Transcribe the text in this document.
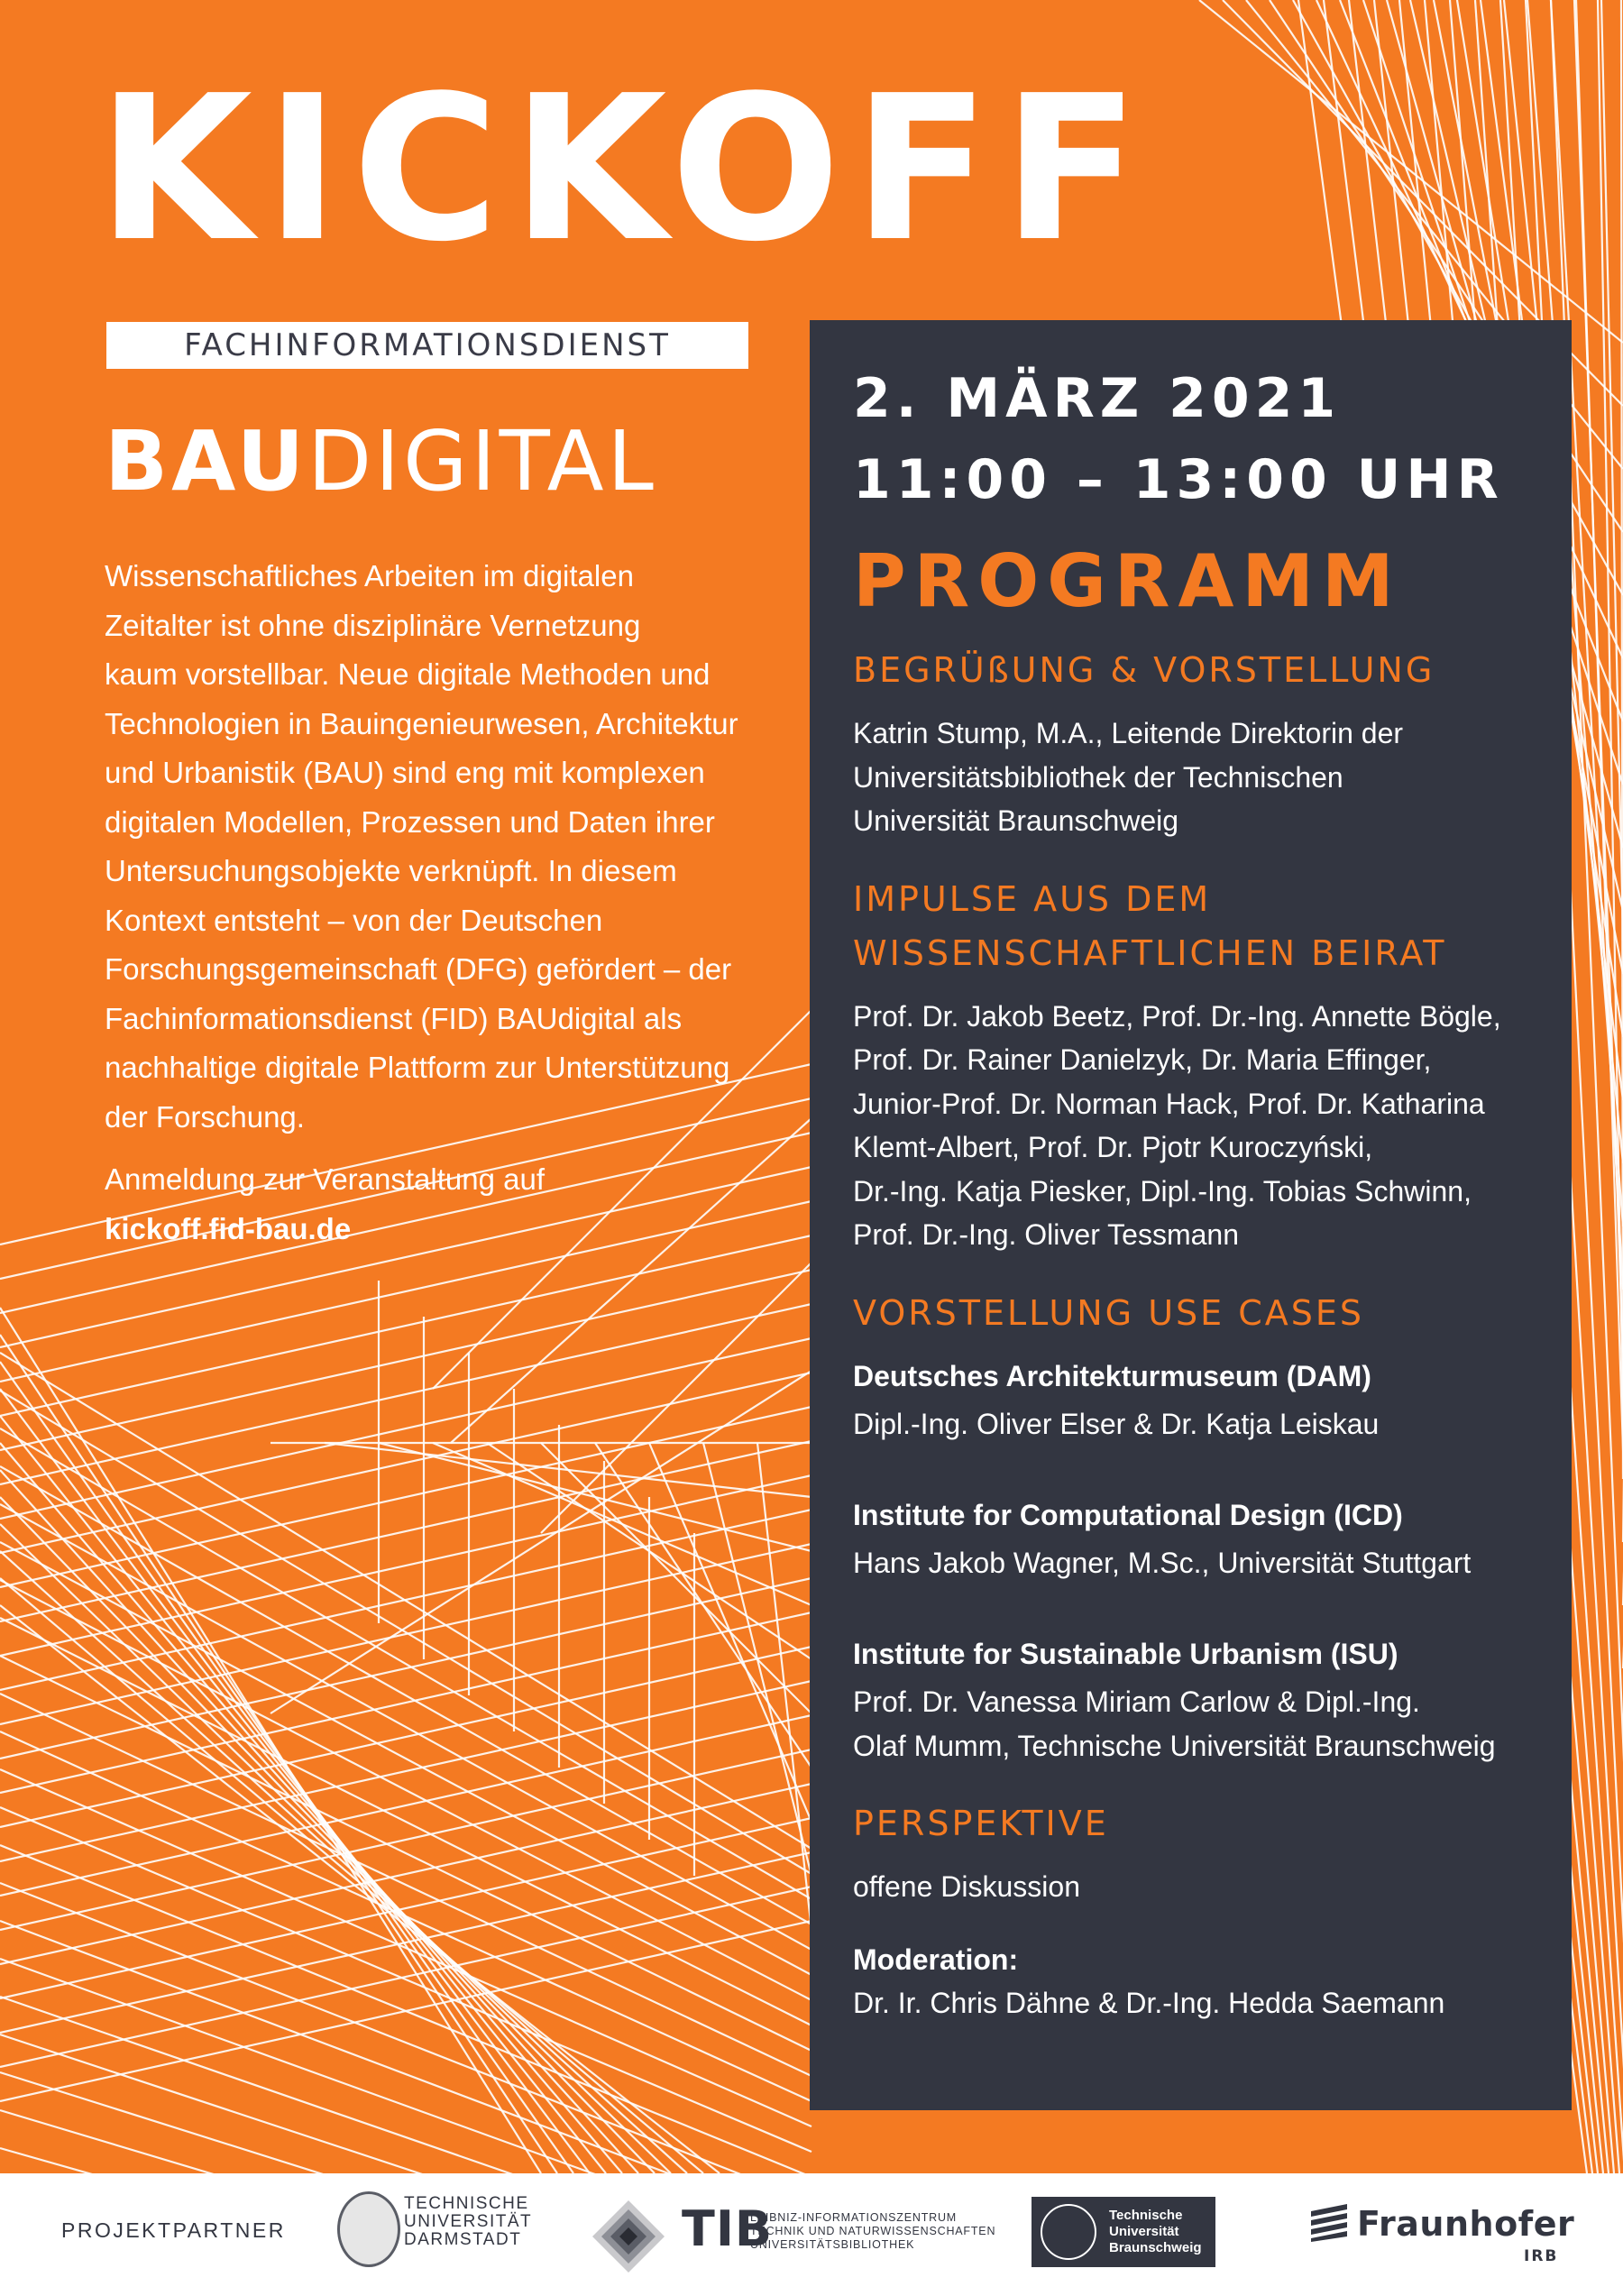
KICKOFF
FACHINFORMATIONSDIENST
BAUDIGITAL
Wissenschaftliches Arbeiten im digitalen
Zeitalter ist ohne disziplinäre Vernetzung
kaum vorstellbar. Neue digitale Methoden und
Technologien in Bauingenieurwesen, Architektur
und Urbanistik (BAU) sind eng mit komplexen
digitalen Modellen, Prozessen und Daten ihrer
Untersuchungsobjekte verknüpft. In diesem
Kontext entsteht – von der Deutschen
Forschungsgemeinschaft (DFG) gefördert – der
Fachinformationsdienst (FID) BAUdigital als
nachhaltige digitale Plattform zur Unterstützung
der Forschung.
Anmeldung zur Veranstaltung auf
kickoff.fid-bau.de
2. MÄRZ 2021
11:00 – 13:00 UHR
PROGRAMM
BEGRÜßUNG & VORSTELLUNG
Katrin Stump, M.A., Leitende Direktorin der
Universitätsbibliothek der Technischen
Universität Braunschweig
IMPULSE AUS DEM
WISSENSCHAFTLICHEN BEIRAT
Prof. Dr. Jakob Beetz, Prof. Dr.-Ing. Annette Bögle,
Prof. Dr. Rainer Danielzyk, Dr. Maria Effinger,
Junior-Prof. Dr. Norman Hack, Prof. Dr. Katharina
Klemt-Albert, Prof. Dr. Pjotr Kuroczyński,
Dr.-Ing. Katja Piesker, Dipl.-Ing. Tobias Schwinn,
Prof. Dr.-Ing. Oliver Tessmann
VORSTELLUNG USE CASES
Deutsches Architekturmuseum (DAM)
Dipl.-Ing. Oliver Elser & Dr. Katja Leiskau
Institute for Computational Design (ICD)
Hans Jakob Wagner, M.Sc., Universität Stuttgart
Institute for Sustainable Urbanism (ISU)
Prof. Dr. Vanessa Miriam Carlow & Dipl.-Ing.
Olaf Mumm, Technische Universität Braunschweig
PERSPEKTIVE
offene Diskussion
Moderation:
Dr. Ir. Chris Dähne & Dr.-Ing. Hedda Saemann
PROJEKTPARTNER
TECHNISCHE
UNIVERSITÄT
DARMSTADT	TIB
LEIBNIZ-INFORMATIONSZENTRUM
TECHNIK UND NATURWISSENSCHAFTEN
UNIVERSITÄTSBIBLIOTHEK
Technische
Universität
Braunschweig
Fraunhofer
IRB
